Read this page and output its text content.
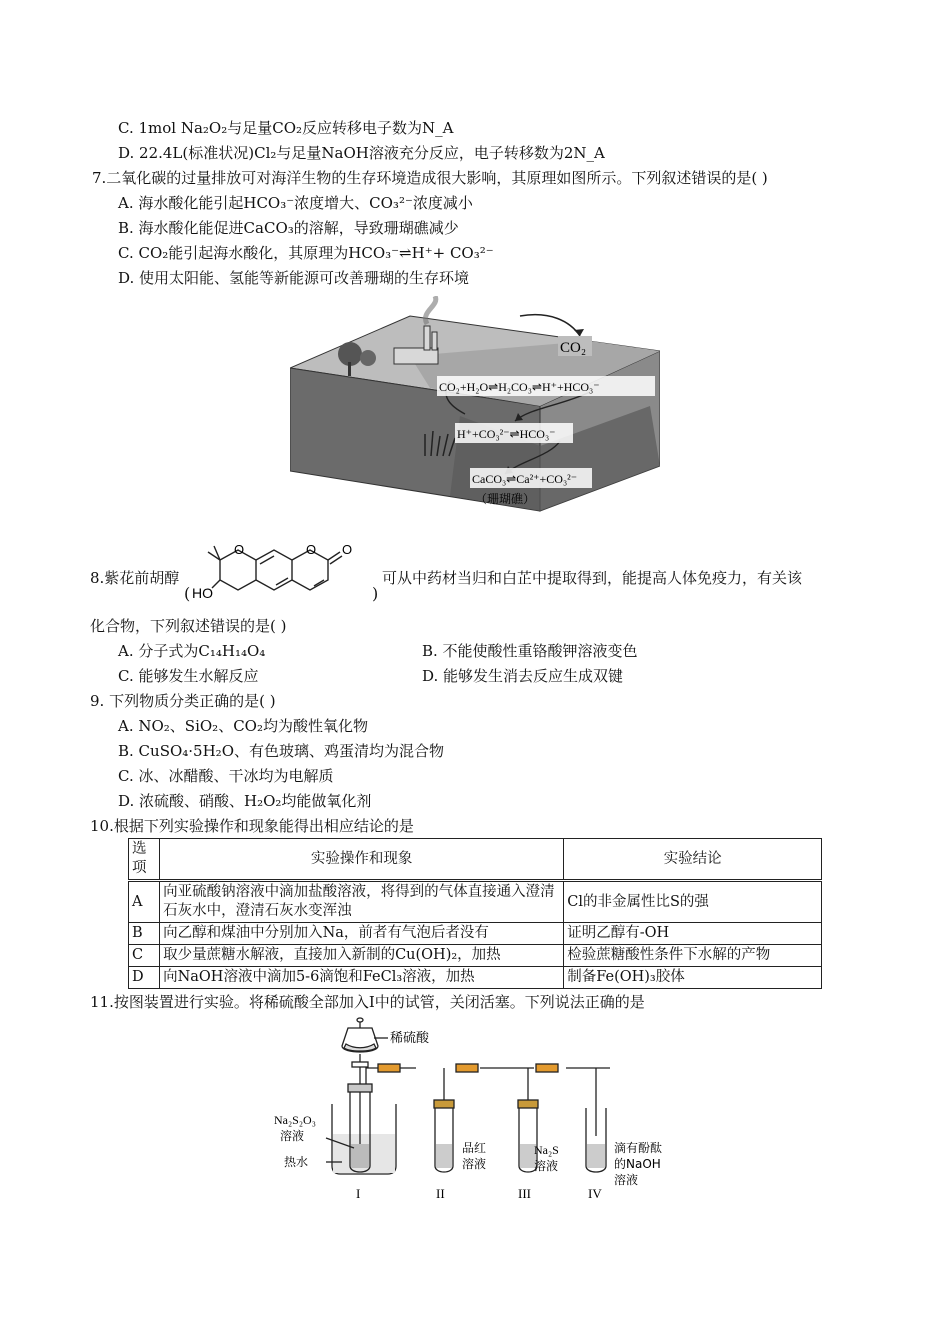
C. 1mol Na₂O₂与足量CO₂反应转移电子数为N_A
D. 22.4L(标准状况)Cl₂与足量NaOH溶液充分反应，电子转移数为2N_A
7.二氧化碳的过量排放可对海洋生物的生存环境造成很大影响，其原理如图所示。下列叙述错误的是( )
A. 海水酸化能引起HCO₃⁻浓度增大、CO₃²⁻浓度减小
B. 海水酸化能促进CaCO₃的溶解，导致珊瑚礁减少
C. CO₂能引起海水酸化，其原理为HCO₃⁻⇌H⁺+ CO₃²⁻
D. 使用太阳能、氢能等新能源可改善珊瑚的生存环境
CO₂
CO₂+H₂O⇌H₂CO₃⇌H⁺+HCO₃⁻
H⁺+CO₃²⁻⇌HCO₃⁻
CaCO₃⇌Ca²⁺+CO₃²⁻
（珊瑚礁）
8.紫花前胡醇
(
O	O O
HO	)
可从中药材当归和白芷中提取得到，能提高人体免疫力，有关该
化合物，下列叙述错误的是( )
A. 分子式为C₁₄H₁₄O₄	B. 不能使酸性重铬酸钾溶液变色
C. 能够发生水解反应	D. 能够发生消去反应生成双键
9. 下列物质分类正确的是( )
A. NO₂、SiO₂、CO₂均为酸性氧化物
B. CuSO₄·5H₂O、有色玻璃、鸡蛋清均为混合物
C. 冰、冰醋酸、干冰均为电解质
D. 浓硫酸、硝酸、H₂O₂均能做氧化剂
10.根据下列实验操作和现象能得出相应结论的是
选项	实验操作和现象	实验结论
A	向亚硫酸钠溶液中滴加盐酸溶液，将得到的气体直接通入澄清石灰水中，澄清石灰水变浑浊	Cl的非金属性比S的强
B	向乙醇和煤油中分别加入Na，前者有气泡后者没有	证明乙醇有-OH
C	取少量蔗糖水解液，直接加入新制的Cu(OH)₂，加热	检验蔗糖酸性条件下水解的产物
D	向NaOH溶液中滴加5-6滴饱和FeCl₃溶液，加热	制备Fe(OH)₃胶体
11.按图装置进行实验。将稀硫酸全部加入I中的试管，关闭活塞。下列说法正确的是
稀硫酸
Na₂S₂O₃
溶液
热水
品红
溶液
Na₂S
溶液
滴有酚酞
的NaOH
溶液
I	II	III	IV
